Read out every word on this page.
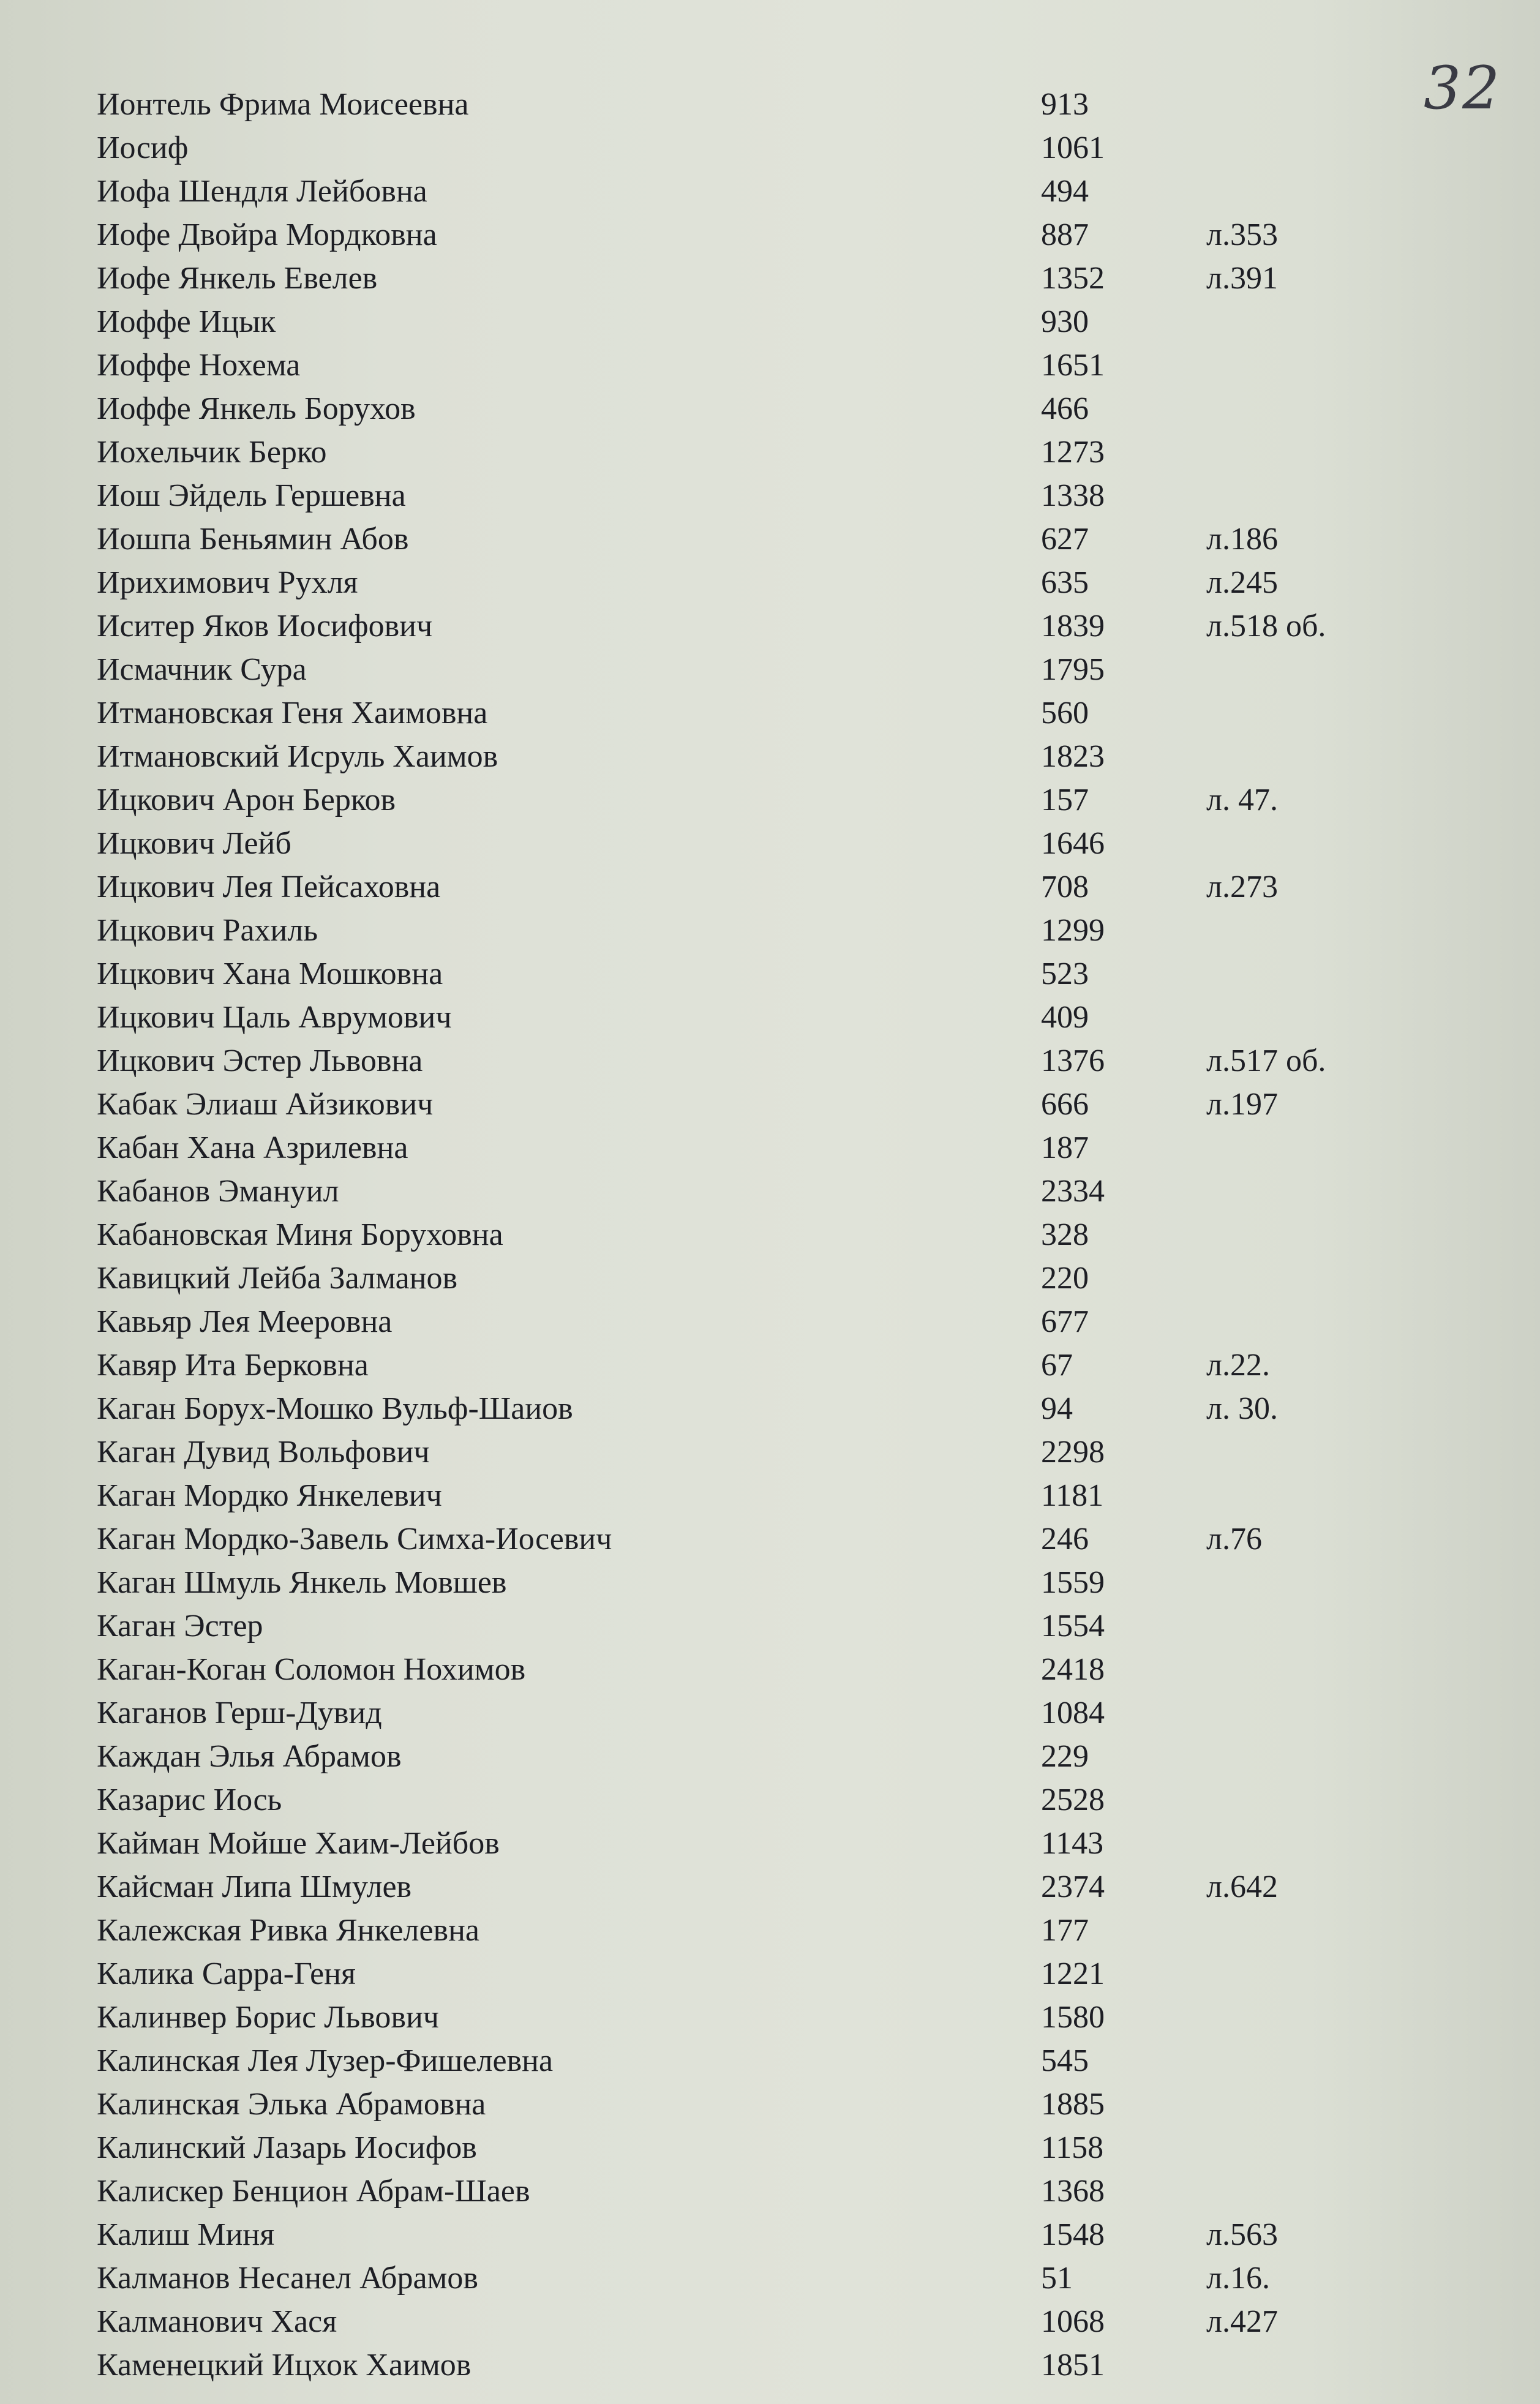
32
Ионтель Фрима Моисеевна	913
Иосиф	1061
Иофа Шендля Лейбовна	494
Иофе Двойра Мордковна	887	л.353
Иофе Янкель Евелев	1352	л.391
Иоффе Ицык	930
Иоффе Нохема	1651
Иоффе Янкель Борухов	466
Иохельчик Берко	1273
Иош Эйдель Гершевна	1338
Иошпа Беньямин Абов	627	л.186
Ирихимович Рухля	635	л.245
Иситер Яков Иосифович	1839	л.518 об.
Исмачник Сура	1795
Итмановская Геня Хаимовна	560
Итмановский Исруль Хаимов	1823
Ицкович Арон Берков	157	л. 47.
Ицкович Лейб	1646
Ицкович Лея Пейсаховна	708	л.273
Ицкович Рахиль	1299
Ицкович Хана Мошковна	523
Ицкович Цаль Аврумович	409
Ицкович Эстер Львовна	1376	л.517 об.
Кабак Элиаш Айзикович	666	л.197
Кабан Хана Азрилевна	187
Кабанов Эмануил	2334
Кабановская Миня Боруховна	328
Кавицкий Лейба Залманов	220
Кавьяр Лея Мееровна	677
Кавяр Ита Берковна	67	л.22.
Каган Борух-Мошко Вульф-Шаиов	94	л. 30.
Каган Дувид Вольфович	2298
Каган Мордко Янкелевич	1181
Каган Мордко-Завель Симха-Иосевич	246	л.76
Каган Шмуль Янкель Мовшев	1559
Каган Эстер	1554
Каган-Коган Соломон Нохимов	2418
Каганов Герш-Дувид	1084
Каждан Элья Абрамов	229
Казарис Иось	2528
Кайман Мойше Хаим-Лейбов	1143
Кайсман Липа Шмулев	2374	л.642
Калежская Ривка Янкелевна	177
Калика Сарра-Геня	1221
Калинвер Борис Львович	1580
Калинская Лея Лузер-Фишелевна	545
Калинская Элька Абрамовна	1885
Калинский Лазарь Иосифов	1158
Калискер Бенцион Абрам-Шаев	1368
Калиш Миня	1548	л.563
Калманов Несанел Абрамов	51	л.16.
Калманович Хася	1068	л.427
Каменецкий Ицхок Хаимов	1851
